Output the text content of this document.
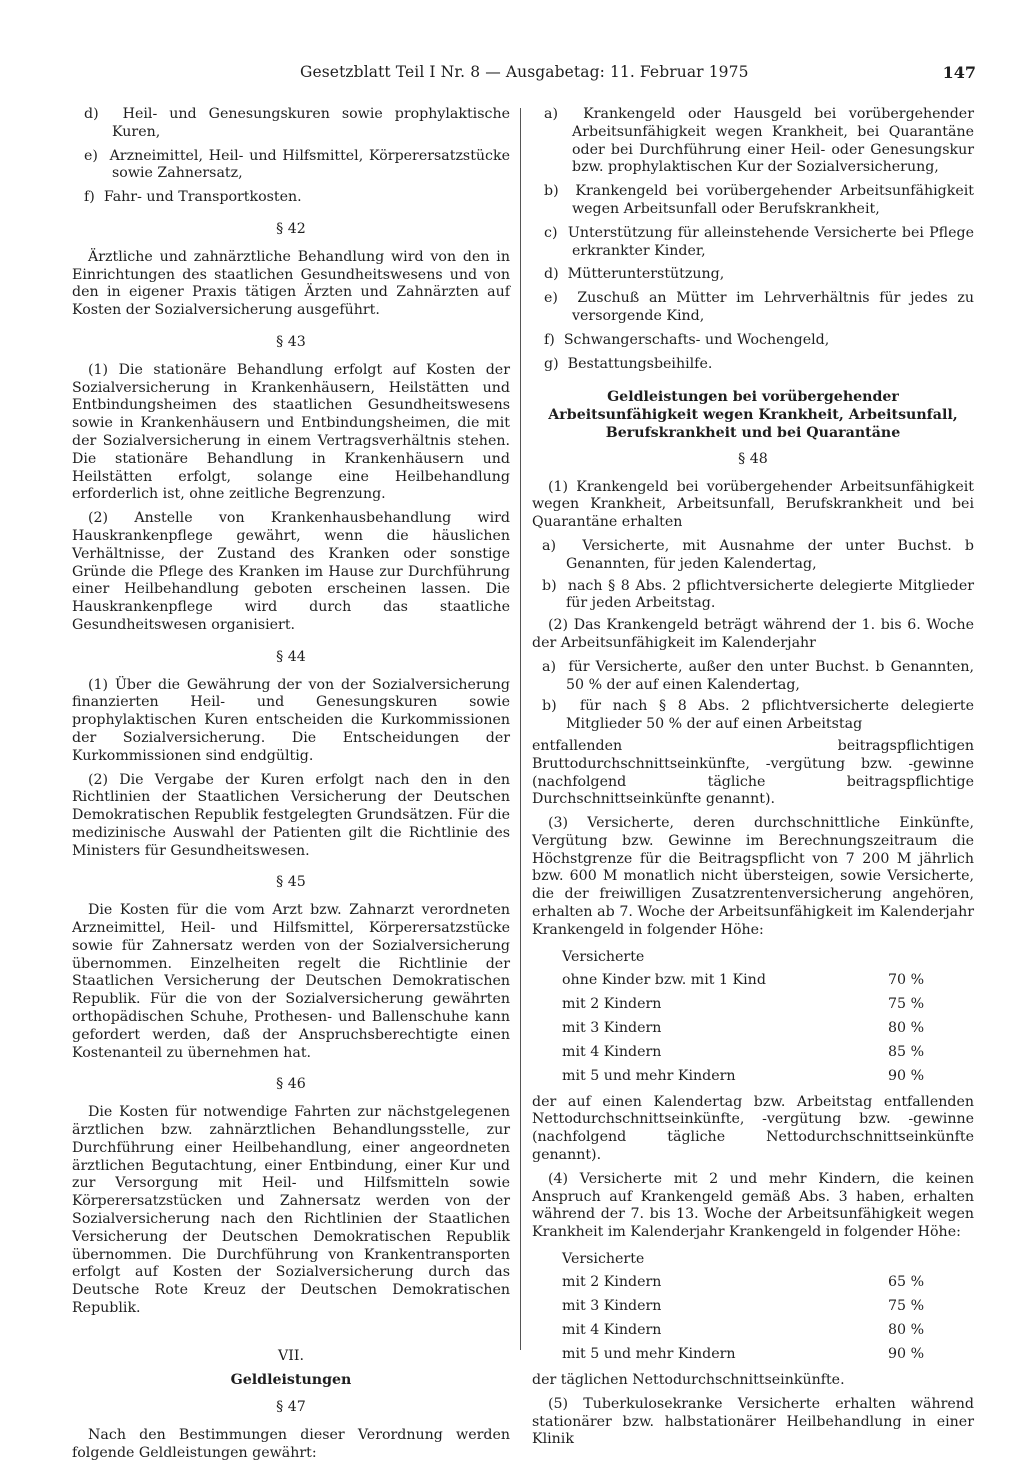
Gesetzblatt Teil I Nr. 8 — Ausgabetag: 11. Februar 1975	147
d) Heil- und Genesungskuren sowie prophylaktische Kuren,
e) Arzneimittel, Heil- und Hilfsmittel, Körperersatzstücke sowie Zahnersatz,
f) Fahr- und Transportkosten.
§ 42
Ärztliche und zahnärztliche Behandlung wird von den in Einrichtungen des staatlichen Gesundheitswesens und von den in eigener Praxis tätigen Ärzten und Zahnärzten auf Kosten der Sozialversicherung ausgeführt.
§ 43
(1) Die stationäre Behandlung erfolgt auf Kosten der Sozialversicherung in Krankenhäusern, Heilstätten und Entbindungsheimen des staatlichen Gesundheitswesens sowie in Krankenhäusern und Entbindungsheimen, die mit der Sozialversicherung in einem Vertragsverhältnis stehen. Die stationäre Behandlung in Krankenhäusern und Heilstätten erfolgt, solange eine Heilbehandlung erforderlich ist, ohne zeitliche Begrenzung.
(2) Anstelle von Krankenhausbehandlung wird Hauskrankenpflege gewährt, wenn die häuslichen Verhältnisse, der Zustand des Kranken oder sonstige Gründe die Pflege des Kranken im Hause zur Durchführung einer Heilbehandlung geboten erscheinen lassen. Die Hauskrankenpflege wird durch das staatliche Gesundheitswesen organisiert.
§ 44
(1) Über die Gewährung der von der Sozialversicherung finanzierten Heil- und Genesungskuren sowie prophylaktischen Kuren entscheiden die Kurkommissionen der Sozialversicherung. Die Entscheidungen der Kurkommissionen sind endgültig.
(2) Die Vergabe der Kuren erfolgt nach den in den Richtlinien der Staatlichen Versicherung der Deutschen Demokratischen Republik festgelegten Grundsätzen. Für die medizinische Auswahl der Patienten gilt die Richtlinie des Ministers für Gesundheitswesen.
§ 45
Die Kosten für die vom Arzt bzw. Zahnarzt verordneten Arzneimittel, Heil- und Hilfsmittel, Körperersatzstücke sowie für Zahnersatz werden von der Sozialversicherung übernommen. Einzelheiten regelt die Richtlinie der Staatlichen Versicherung der Deutschen Demokratischen Republik. Für die von der Sozialversicherung gewährten orthopädischen Schuhe, Prothesen- und Ballenschuhe kann gefordert werden, daß der Anspruchsberechtigte einen Kostenanteil zu übernehmen hat.
§ 46
Die Kosten für notwendige Fahrten zur nächstgelegenen ärztlichen bzw. zahnärztlichen Behandlungsstelle, zur Durchführung einer Heilbehandlung, einer angeordneten ärztlichen Begutachtung, einer Entbindung, einer Kur und zur Versorgung mit Heil- und Hilfsmitteln sowie Körperersatzstücken und Zahnersatz werden von der Sozialversicherung nach den Richtlinien der Staatlichen Versicherung der Deutschen Demokratischen Republik übernommen. Die Durchführung von Krankentransporten erfolgt auf Kosten der Sozialversicherung durch das Deutsche Rote Kreuz der Deutschen Demokratischen Republik.
VII.
Geldleistungen
§ 47
Nach den Bestimmungen dieser Verordnung werden folgende Geldleistungen gewährt:
a) Krankengeld oder Hausgeld bei vorübergehender Arbeitsunfähigkeit wegen Krankheit, bei Quarantäne oder bei Durchführung einer Heil- oder Genesungskur bzw. prophylaktischen Kur der Sozialversicherung,
b) Krankengeld bei vorübergehender Arbeitsunfähigkeit wegen Arbeitsunfall oder Berufskrankheit,
c) Unterstützung für alleinstehende Versicherte bei Pflege erkrankter Kinder,
d) Mütterunterstützung,
e) Zuschuß an Mütter im Lehrverhältnis für jedes zu versorgende Kind,
f) Schwangerschafts- und Wochengeld,
g) Bestattungsbeihilfe.
Geldleistungen bei vorübergehender Arbeitsunfähigkeit wegen Krankheit, Arbeitsunfall, Berufskrankheit und bei Quarantäne
§ 48
(1) Krankengeld bei vorübergehender Arbeitsunfähigkeit wegen Krankheit, Arbeitsunfall, Berufskrankheit und bei Quarantäne erhalten
a) Versicherte, mit Ausnahme der unter Buchst. b Genannten, für jeden Kalendertag,
b) nach § 8 Abs. 2 pflichtversicherte delegierte Mitglieder für jeden Arbeitstag.
(2) Das Krankengeld beträgt während der 1. bis 6. Woche der Arbeitsunfähigkeit im Kalenderjahr
a) für Versicherte, außer den unter Buchst. b Genannten, 50 % der auf einen Kalendertag,
b) für nach § 8 Abs. 2 pflichtversicherte delegierte Mitglieder 50 % der auf einen Arbeitstag
entfallenden beitragspflichtigen Bruttodurchschnittseinkünfte, -vergütung bzw. -gewinne (nachfolgend tägliche beitragspflichtige Durchschnittseinkünfte genannt).
(3) Versicherte, deren durchschnittliche Einkünfte, Vergütung bzw. Gewinne im Berechnungszeitraum die Höchstgrenze für die Beitragspflicht von 7 200 M jährlich bzw. 600 M monatlich nicht übersteigen, sowie Versicherte, die der freiwilligen Zusatzrentenversicherung angehören, erhalten ab 7. Woche der Arbeitsunfähigkeit im Kalenderjahr Krankengeld in folgender Höhe:
Versicherte
ohne Kinder bzw. mit 1 Kind	70 %
mit 2 Kindern	75 %
mit 3 Kindern	80 %
mit 4 Kindern	85 %
mit 5 und mehr Kindern	90 %
der auf einen Kalendertag bzw. Arbeitstag entfallenden Nettodurchschnittseinkünfte, -vergütung bzw. -gewinne (nachfolgend tägliche Nettodurchschnittseinkünfte genannt).
(4) Versicherte mit 2 und mehr Kindern, die keinen Anspruch auf Krankengeld gemäß Abs. 3 haben, erhalten während der 7. bis 13. Woche der Arbeitsunfähigkeit wegen Krankheit im Kalenderjahr Krankengeld in folgender Höhe:
Versicherte
mit 2 Kindern	65 %
mit 3 Kindern	75 %
mit 4 Kindern	80 %
mit 5 und mehr Kindern	90 %
der täglichen Nettodurchschnittseinkünfte.
(5) Tuberkulosekranke Versicherte erhalten während stationärer bzw. halbstationärer Heilbehandlung in einer Klinik
